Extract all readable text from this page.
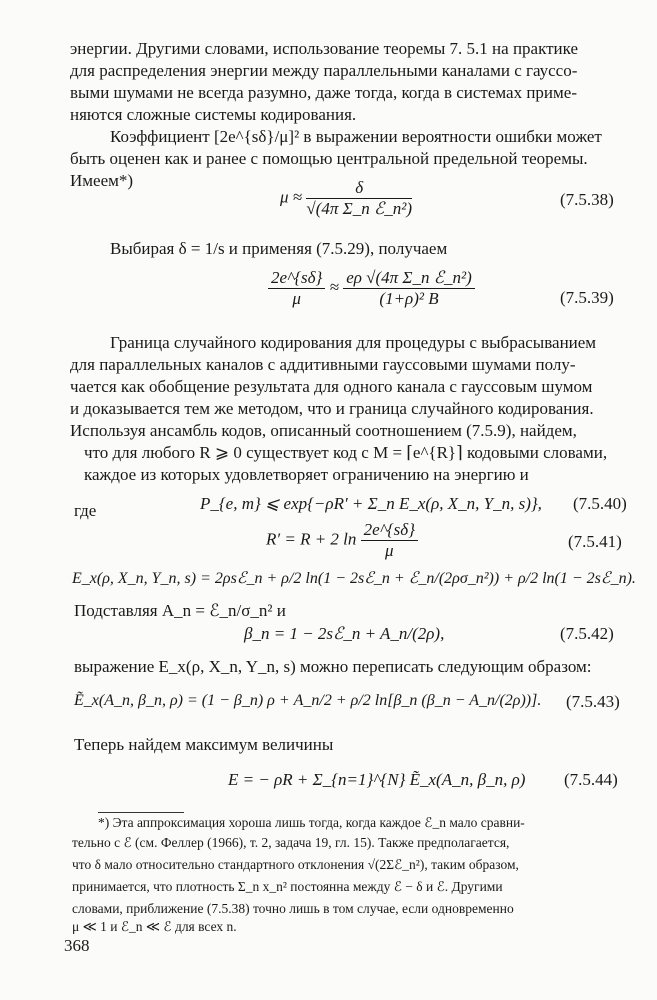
энергии. Другими словами, использование теоремы 7. 5.1 на практике
для распределения энергии между параллельными каналами с гауссо-
выми шумами не всегда разумно, даже тогда, когда в системах приме-
няются сложные системы кодирования.
Коэффициент [2e^{sδ}/μ]² в выражении вероятности ошибки может
быть оценен как и ранее с помощью центральной предельной теоремы.
Имеем*)
$\mu \approx \frac{\delta}{\text{√(4π Σ\_n ℰ\_n²)}}$	(7.5.38)
Выбирая δ = 1/s и применяя (7.5.29), получаем
$\frac{2e\^{}\{s\delta\}}{\mu} \approx \frac{\text{eρ √(4π Σ\_n ℰ\_n²)}}{\text{(1+ρ)² B}}$	(7.5.39)
Граница случайного кодирования для процедуры с выбрасыванием
для параллельных каналов с аддитивными гауссовыми шумами полу-
чается как обобщение результата для одного канала с гауссовым шумом
и доказывается тем же методом, что и граница случайного кодирования.
Используя ансамбль кодов, описанный соотношением (7.5.9), найдем,
что для любого R ⩾ 0 существует код с M = ⌈e^{R}⌉ кодовыми словами,
каждое из которых удовлетворяет ограничению на энергию и
P_{e, m} ⩽ exp{−ρR′ + Σ_n E_x(ρ, X_n, Y_n, s)}, (7.5.40)
где
R′ = R + 2 $\ln \frac{2e\^{}\{s\delta\}}{\mu}$	(7.5.41)
E_x(ρ, X_n, Y_n, s) = 2ρsℰ_n + ρ/2 ln(1 − 2sℰ_n + ℰ_n/(2ρσ_n²)) + ρ/2 ln(1 − 2sℰ_n).
Подставляя A_n = ℰ_n/σ_n² и
β_n = 1 − 2sℰ_n + A_n/(2ρ),	(7.5.42)
выражение E_x(ρ, X_n, Y_n, s) можно переписать следующим образом:
Ẽ_x(A_n, β_n, ρ) = (1 − β_n) ρ + A_n/2 + ρ/2 ln[β_n (β_n − A_n/(2ρ))]. (7.5.43)
Теперь найдем максимум величины
E = − ρR + Σ_{n=1}^{N} Ẽ_x(A_n, β_n, ρ) (7.5.44)
*) Эта аппроксимация хороша лишь тогда, когда каждое ℰ_n мало сравни-
тельно с ℰ (см. Феллер (1966), т. 2, задача 19, гл. 15). Также предполагается,
что δ мало относительно стандартного отклонения √(2Σℰ_n²), таким образом,
принимается, что плотность Σ_n x_n² постоянна между ℰ − δ и ℰ. Другими
словами, приближение (7.5.38) точно лишь в том случае, если одновременно
μ ≪ 1 и ℰ_n ≪ ℰ для всех n.
368
